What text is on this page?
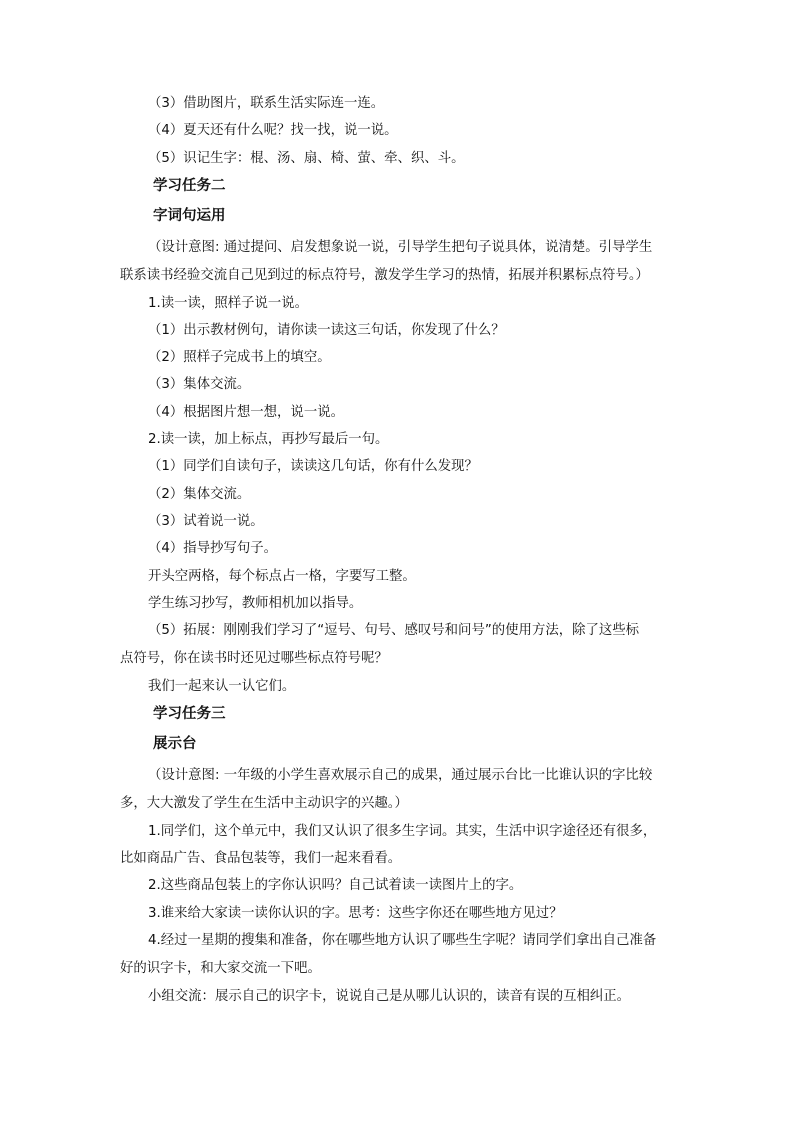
（3）借助图片，联系生活实际连一连。
（4）夏天还有什么呢？找一找，说一说。
（5）识记生字：棍、汤、扇、椅、萤、牵、织、斗。
学习任务二
字词句运用
（设计意图: 通过提问、启发想象说一说，引导学生把句子说具体，说清楚。引导学生
联系读书经验交流自己见到过的标点符号，激发学生学习的热情，拓展并积累标点符号。）
1.读一读，照样子说一说。
（1）出示教材例句，请你读一读这三句话，你发现了什么？
（2）照样子完成书上的填空。
（3）集体交流。
（4）根据图片想一想，说一说。
2.读一读，加上标点，再抄写最后一句。
（1）同学们自读句子，读读这几句话，你有什么发现？
（2）集体交流。
（3）试着说一说。
（4）指导抄写句子。
开头空两格，每个标点占一格，字要写工整。
学生练习抄写，教师相机加以指导。
（5）拓展：刚刚我们学习了“逗号、句号、感叹号和问号”的使用方法，除了这些标
点符号，你在读书时还见过哪些标点符号呢？
我们一起来认一认它们。
学习任务三
展示台
（设计意图: 一年级的小学生喜欢展示自己的成果，通过展示台比一比谁认识的字比较
多，大大激发了学生在生活中主动识字的兴趣。）
1.同学们，这个单元中，我们又认识了很多生字词。其实，生活中识字途径还有很多，
比如商品广告、食品包装等，我们一起来看看。
2.这些商品包装上的字你认识吗？自己试着读一读图片上的字。
3.谁来给大家读一读你认识的字。思考：这些字你还在哪些地方见过？
4.经过一星期的搜集和准备，你在哪些地方认识了哪些生字呢？请同学们拿出自己准备
好的识字卡，和大家交流一下吧。
小组交流：展示自己的识字卡，说说自己是从哪儿认识的，读音有误的互相纠正。
